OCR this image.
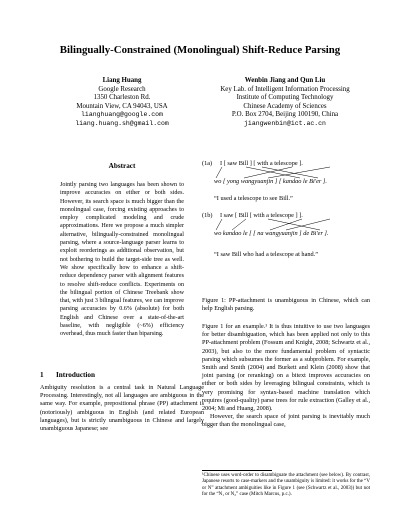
Bilingually-Constrained (Monolingual) Shift-Reduce Parsing
Liang Huang
Google Research
1350 Charleston Rd.
Mountain View, CA 94043, USA
lianghuang@google.com
liang.huang.sh@gmail.com
Wenbin Jiang and Qun Liu
Key Lab. of Intelligent Information Processing
Institute of Computing Technology
Chinese Academy of Sciences
P.O. Box 2704, Beijing 100190, China
jiangwenbin@ict.ac.cn
Abstract
Jointly parsing two languages has been shown to improve accuracies on either or both sides. However, its search space is much bigger than the monolingual case, forcing existing approaches to employ complicated modeling and crude approximations. Here we propose a much simpler alternative, bilingually-constrained monolingual parsing, where a source-language parser learns to exploit reorderings as additional observation, but not bothering to build the target-side tree as well. We show specifically how to enhance a shift-reduce dependency parser with alignment features to resolve shift-reduce conflicts. Experiments on the bilingual portion of Chinese Treebank show that, with just 3 bilingual features, we can improve parsing accuracies by 0.6% (absolute) for both English and Chinese over a state-of-the-art baseline, with negligible (~6%) efficiency overhead, thus much faster than biparsing.
1 Introduction
Ambiguity resolution is a central task in Natural Language Processing. Interestingly, not all languages are ambiguous in the same way. For example, prepositional phrase (PP) attachment is (notoriously) ambiguous in English (and related European languages), but is strictly unambiguous in Chinese and largely unambiguous Japanese; see
(1a) I [ saw Bill ] [ with a telescope ].
wo [ yong wangyuanjin ] [ kandao le Bi'er ].
“I used a telescope to see Bill.”
(1b) I saw [ Bill [ with a telescope ] ].
wo kandao le [ [ na wangyuanjin ] de Bi'er ].
“I saw Bill who had a telescope at hand.”
Figure 1: PP-attachment is unambiguous in Chinese, which can help English parsing.

Figure 1 for an example.¹ It is thus intuitive to use two languages for better disambiguation, which has been applied not only to this PP-attachment problem (Fossum and Knight, 2008; Schwartz et al., 2003), but also to the more fundamental problem of syntactic parsing which subsumes the former as a subproblem. For example, Smith and Smith (2004) and Burkett and Klein (2008) show that joint parsing (or reranking) on a bitext improves accuracies on either or both sides by leveraging bilingual constraints, which is very promising for syntax-based machine translation which requires (good-quality) parse trees for rule extraction (Galley et al., 2004; Mi and Huang, 2008).

However, the search space of joint parsing is inevitably much bigger than the monolingual case,

¹Chinese uses word-order to disambiguate the attachment (see below). By contrast, Japanese resorts to case-markers and the unambiguity is limited: it works for the “V or N” attachment ambiguities like in Figure 1 (see (Schwartz et al., 2003)) but not for the “N₁ or N₂” case (Mitch Marcus, p.c.).
